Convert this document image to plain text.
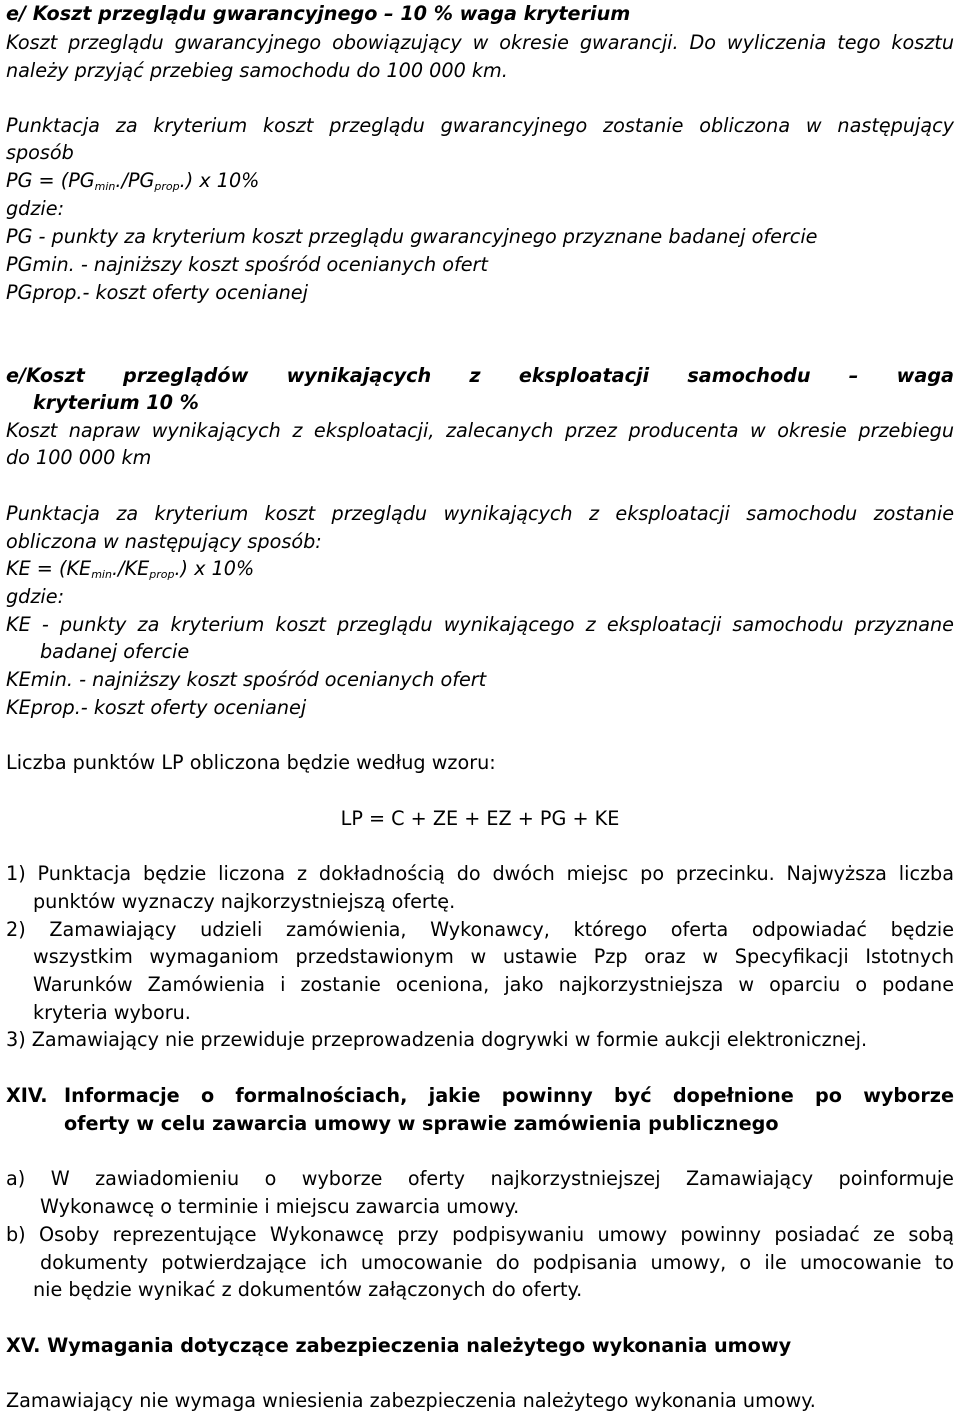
e/ Koszt przeglądu gwarancyjnego – 10 % waga kryterium
Koszt przeglądu gwarancyjnego obowiązujący w okresie gwarancji. Do wyliczenia tego kosztu
należy przyjąć przebieg samochodu do 100 000 km.
Punktacja za kryterium koszt przeglądu gwarancyjnego zostanie obliczona w następujący
sposób
PG = $(PG_{min}./PG_{prop}.)$ x 10%
gdzie:
PG - punkty za kryterium koszt przeglądu gwarancyjnego przyznane badanej ofercie
PGmin. - najniższy koszt spośród ocenianych ofert
PGprop.- koszt oferty ocenianej
e/Koszt przeglądów wynikających z eksploatacji samochodu – waga
kryterium 10 %
Koszt napraw wynikających z eksploatacji, zalecanych przez producenta w okresie przebiegu
do 100 000 km
Punktacja za kryterium koszt przeglądu wynikających z eksploatacji samochodu zostanie
obliczona w następujący sposób:
KE = $(KE_{min}./KE_{prop}.)$ x 10%
gdzie:
KE - punkty za kryterium koszt przeglądu wynikającego z eksploatacji samochodu przyznane
badanej ofercie
KEmin. - najniższy koszt spośród ocenianych ofert
KEprop.- koszt oferty ocenianej
Liczba punktów LP obliczona będzie według wzoru:
LP = C + ZE + EZ + PG + KE
1) Punktacja będzie liczona z dokładnością do dwóch miejsc po przecinku. Najwyższa liczba
punktów wyznaczy najkorzystniejszą ofertę.
2) Zamawiający udzieli zamówienia, Wykonawcy, którego oferta odpowiadać będzie
wszystkim wymaganiom przedstawionym w ustawie Pzp oraz w Specyfikacji Istotnych
Warunków Zamówienia i zostanie oceniona, jako najkorzystniejsza w oparciu o podane
kryteria wyboru.
3) Zamawiający nie przewiduje przeprowadzenia dogrywki w formie aukcji elektronicznej.
XIV. Informacje o formalnościach, jakie powinny być dopełnione po wyborze
oferty w celu zawarcia umowy w sprawie zamówienia publicznego
a) W zawiadomieniu o wyborze oferty najkorzystniejszej Zamawiający poinformuje
Wykonawcę o terminie i miejscu zawarcia umowy.
b) Osoby reprezentujące Wykonawcę przy podpisywaniu umowy powinny posiadać ze sobą
dokumenty potwierdzające ich umocowanie do podpisania umowy, o ile umocowanie to
nie będzie wynikać z dokumentów załączonych do oferty.
XV. Wymagania dotyczące zabezpieczenia należytego wykonania umowy
Zamawiający nie wymaga wniesienia zabezpieczenia należytego wykonania umowy.
